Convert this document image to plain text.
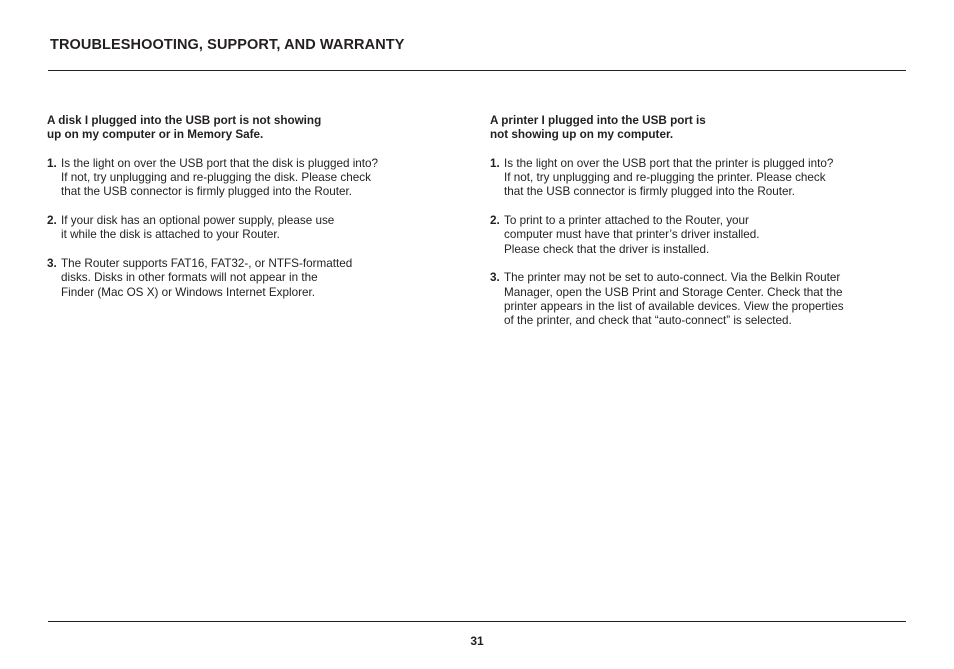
TROUBLESHOOTING, SUPPORT, AND WARRANTY
A disk I plugged into the USB port is not showing
up on my computer or in Memory Safe.
1. Is the light on over the USB port that the disk is plugged into?
If not, try unplugging and re-plugging the disk. Please check
that the USB connector is firmly plugged into the Router.
2. If your disk has an optional power supply, please use
it while the disk is attached to your Router.
3. The Router supports FAT16, FAT32-, or NTFS-formatted
disks. Disks in other formats will not appear in the
Finder (Mac OS X) or Windows Internet Explorer.
A printer I plugged into the USB port is
not showing up on my computer.
1. Is the light on over the USB port that the printer is plugged into?
If not, try unplugging and re-plugging the printer. Please check
that the USB connector is firmly plugged into the Router.
2. To print to a printer attached to the Router, your
computer must have that printer’s driver installed.
Please check that the driver is installed.
3. The printer may not be set to auto-connect. Via the Belkin Router
Manager, open the USB Print and Storage Center. Check that the
printer appears in the list of available devices. View the properties
of the printer, and check that “auto-connect” is selected.
31
